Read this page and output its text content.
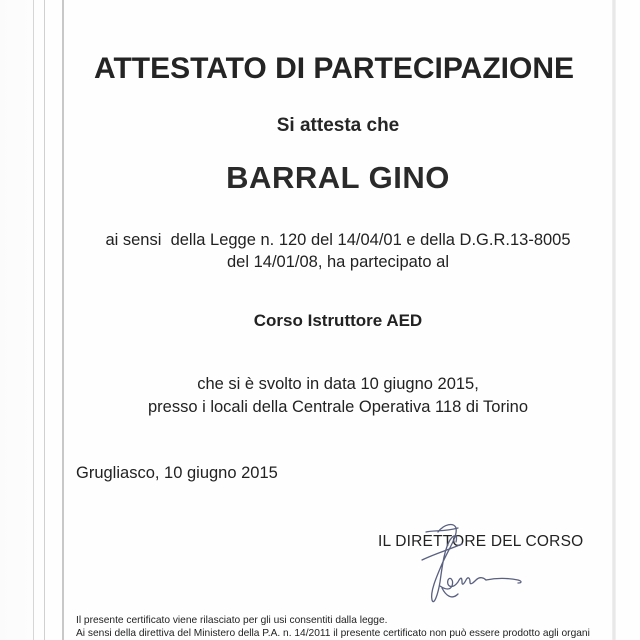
ATTESTATO DI PARTECIPAZIONE
Si attesta che
BARRAL GINO
ai sensi  della Legge n. 120 del 14/04/01 e della D.G.R.13-8005
del 14/01/08, ha partecipato al
Corso Istruttore AED
che si è svolto in data 10 giugno 2015,
presso i locali della Centrale Operativa 118 di Torino
Grugliasco, 10 giugno 2015
IL DIRETTORE DEL CORSO
Il presente certificato viene rilasciato per gli usi consentiti dalla legge.
Ai sensi della direttiva del Ministero della P.A. n. 14/2011 il presente certificato non può essere prodotto agli organi
